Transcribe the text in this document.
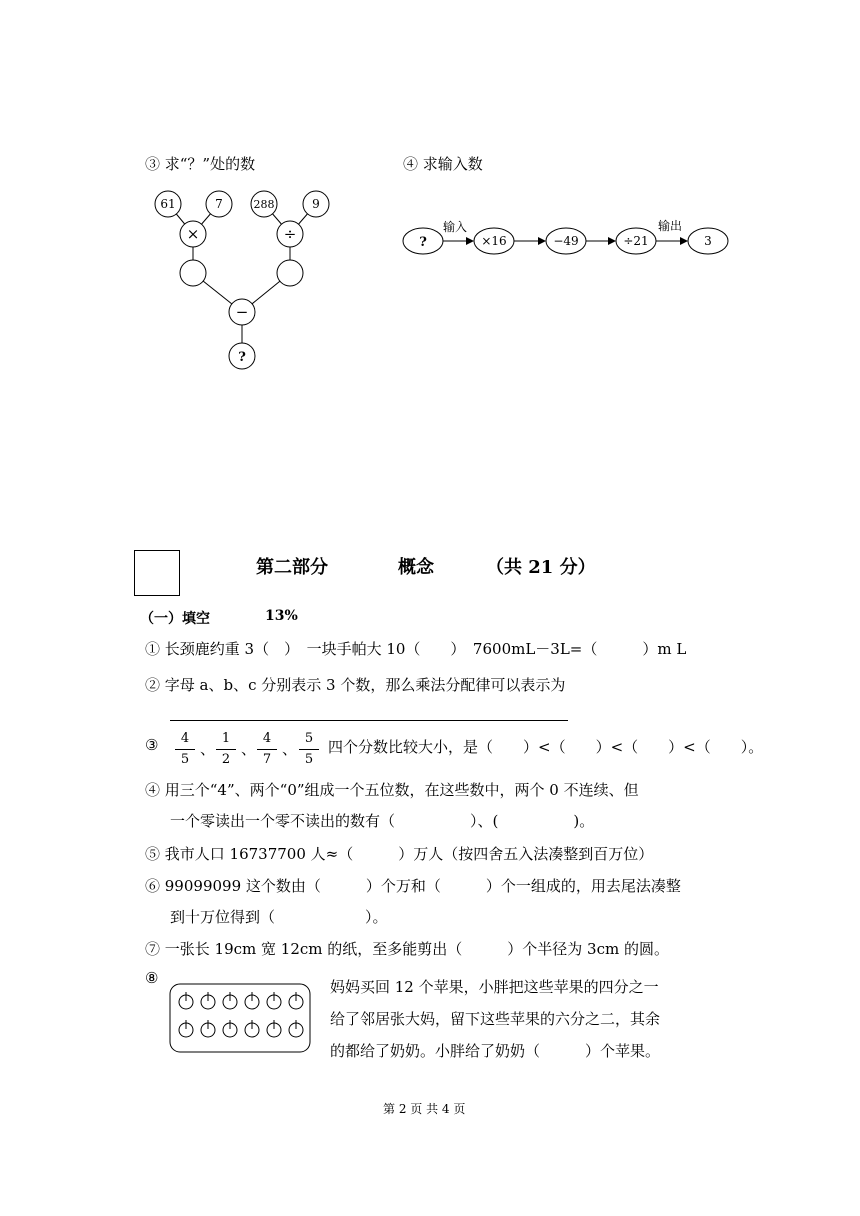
③ 求“？”处的数	④ 求输入数
61	7	288	9
×	÷
−
?
?
输入
×16	−49	÷21
输出
3
第二部分	概念	（共 21 分）
（一）填空	13%
① 长颈鹿约重 3（　）　一块手帕大 10（　　）　7600mL－3L=（　　　）m L
② 字母 a、b、c 分别表示 3 个数，那么乘法分配律可以表示为
③	4
5
、
1
2
、
4
7
、
5
5
四个分数比较大小，是（　　）<（　　）<（　　）<（　　）。
④ 用三个“4”、两个“0”组成一个五位数，在这些数中，两个 0 不连续、但
一个零读出一个零不读出的数有（　　　　　）、(　　　　　)。
⑤ 我市人口 16737700 人≈（　　　）万人（按四舍五入法凑整到百万位）
⑥ 99099099 这个数由（　　　）个万和（　　　）个一组成的，用去尾法凑整
到十万位得到（　　　　　　）。
⑦ 一张长 19cm 宽 12cm 的纸，至多能剪出（　　　）个半径为 3cm 的圆。
⑧	妈妈买回 12 个苹果，小胖把这些苹果的四分之一
给了邻居张大妈，留下这些苹果的六分之二，其余
的都给了奶奶。小胖给了奶奶（　　　）个苹果。
第 2 页 共 4 页
